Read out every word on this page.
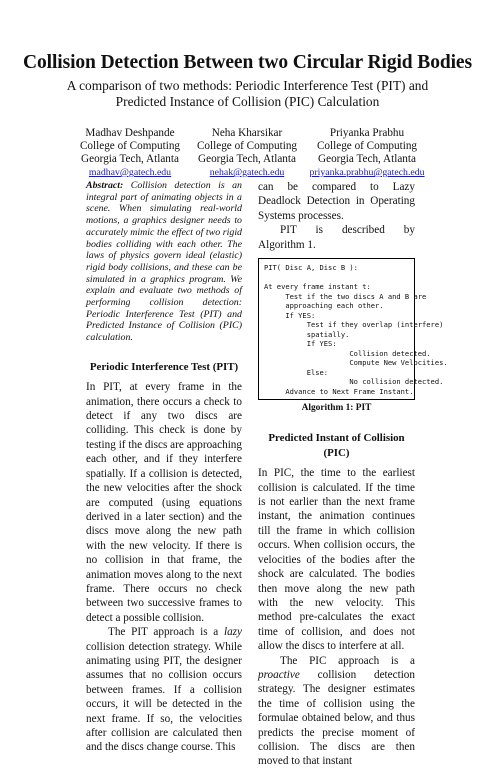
Collision Detection Between two Circular Rigid Bodies
A comparison of two methods: Periodic Interference Test (PIT) and Predicted Instance of Collision (PIC) Calculation
Madhav Deshpande
College of Computing
Georgia Tech, Atlanta
madhav@gatech.edu
Neha Kharsikar
College of Computing
Georgia Tech, Atlanta
nehak@gatech.edu
Priyanka Prabhu
College of Computing
Georgia Tech, Atlanta
priyanka.prabhu@gatech.edu

Abstract: Collision detection is an integral part of animating objects in a scene. When simulating real-world motions, a graphics designer needs to accurately mimic the effect of two rigid bodies colliding with each other. The laws of physics govern ideal (elastic) rigid body collisions, and these can be simulated in a graphics program. We explain and evaluate two methods of performing collision detection: Periodic Interference Test (PIT) and Predicted Instance of Collision (PIC) calculation.

Periodic Interference Test (PIT)

In PIT, at every frame in the animation, there occurs a check to detect if any two discs are colliding. This check is done by testing if the discs are approaching each other, and if they interfere spatially. If a collision is detected, the new velocities after the shock are computed (using equations derived in a later section) and the discs move along the new path with the new velocity. If there is no collision in that frame, the animation moves along to the next frame. There occurs no check between two successive frames to detect a possible collision.

The PIT approach is a lazy collision detection strategy. While animating using PIT, the designer assumes that no collision occurs between frames. If a collision occurs, it will be detected in the next frame. If so, the velocities after collision are calculated then and the discs change course. This

can be compared to Lazy Deadlock Detection in Operating Systems processes.

PIT is described by Algorithm 1.

PIT( Disc A, Disc B ):

At every frame instant t:
Test if the two discs A and B are
approaching each other.
If YES:
Test if they overlap (interfere)
spatially.
If YES:
Collision detected.
Compute New Velocities.
Else:
No collision detected.
Advance to Next Frame Instant.
Algorithm 1: PIT
Predicted Instant of Collision (PIC)

In PIC, the time to the earliest collision is calculated. If the time is not earlier than the next frame instant, the animation continues till the frame in which collision occurs. When collision occurs, the velocities of the bodies after the shock are calculated. The bodies then move along the new path with the new velocity. This method pre-calculates the exact time of collision, and does not allow the discs to interfere at all.

The PIC approach is a proactive collision detection strategy. The designer estimates the time of collision using the formulae obtained below, and thus predicts the precise moment of collision. The discs are then moved to that instant
